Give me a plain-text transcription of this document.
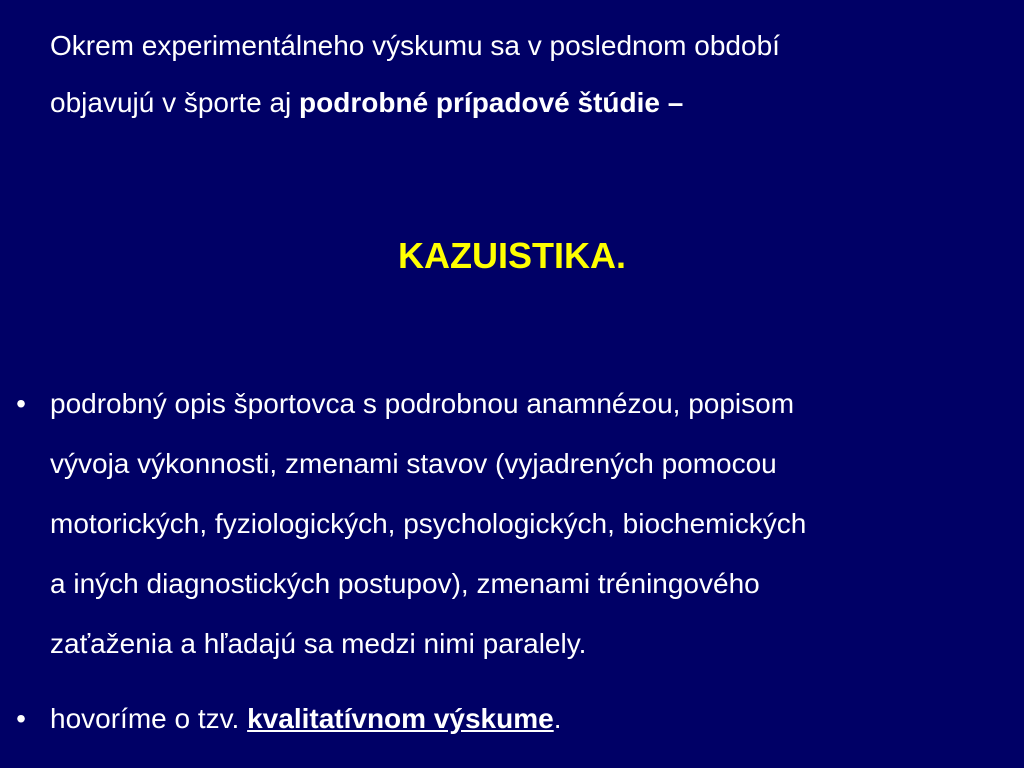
Okrem experimentálneho výskumu sa v poslednom období
objavujú v športe aj podrobné prípadové štúdie –
KAZUISTIKA.
• podrobný opis športovca s podrobnou anamnézou, popisom
vývoja výkonnosti, zmenami stavov (vyjadrených pomocou
motorických, fyziologických, psychologických, biochemických
a iných diagnostických postupov), zmenami tréningového
zaťaženia a hľadajú sa medzi nimi paralely.
• hovoríme o tzv. kvalitatívnom výskume.
